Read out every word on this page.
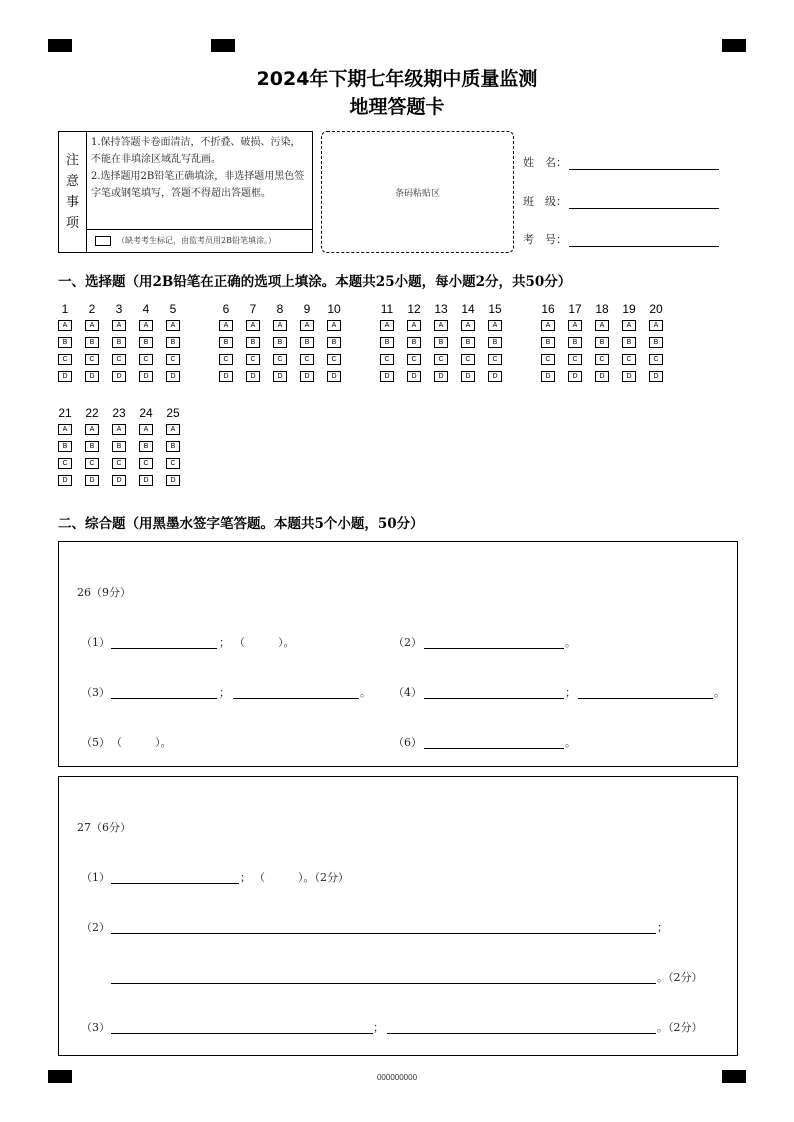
2024年下期七年级期中质量监测
地理答题卡
注
意
事
项
1.保持答题卡卷面清洁，不折叠、破损、污染，不能在非填涂区域乱写乱画。
2.选择题用2B铅笔正确填涂，非选择题用黑色签字笔或钢笔填写，答题不得超出答题框。
（缺考考生标记，由监考员用2B铅笔填涂。）
条码粘贴区
姓　名：
班　级：
考　号：
一、选择题（用2B铅笔在正确的选项上填涂。本题共25小题，每小题2分，共50分）
1
A
B
C
D
2
A
B
C
D
3
A
B
C
D
4
A
B
C
D
5
A
B
C
D
6
A
B
C
D
7
A
B
C
D
8
A
B
C
D
9
A
B
C
D
10
A
B
C
D
11
A
B
C
D
12
A
B
C
D
13
A
B
C
D
14
A
B
C
D
15
A
B
C
D
16
A
B
C
D
17
A
B
C
D
18
A
B
C
D
19
A
B
C
D
20
A
B
C
D
21
A
B
C
D
22
A
B
C
D
23
A
B
C
D
24
A
B
C
D
25
A
B
C
D
二、综合题（用黑墨水签字笔答题。本题共5个小题，50分）
26（9分）
（1）	； （　　　）。	（2）	。
（3）	；	。 （4）	；	。
（5） （　　　）。	（6）	。
27（6分）
（1）	； （　　　）。（2分）
（2）	；
。（2分）
（3）	；	。（2分）
000000000
